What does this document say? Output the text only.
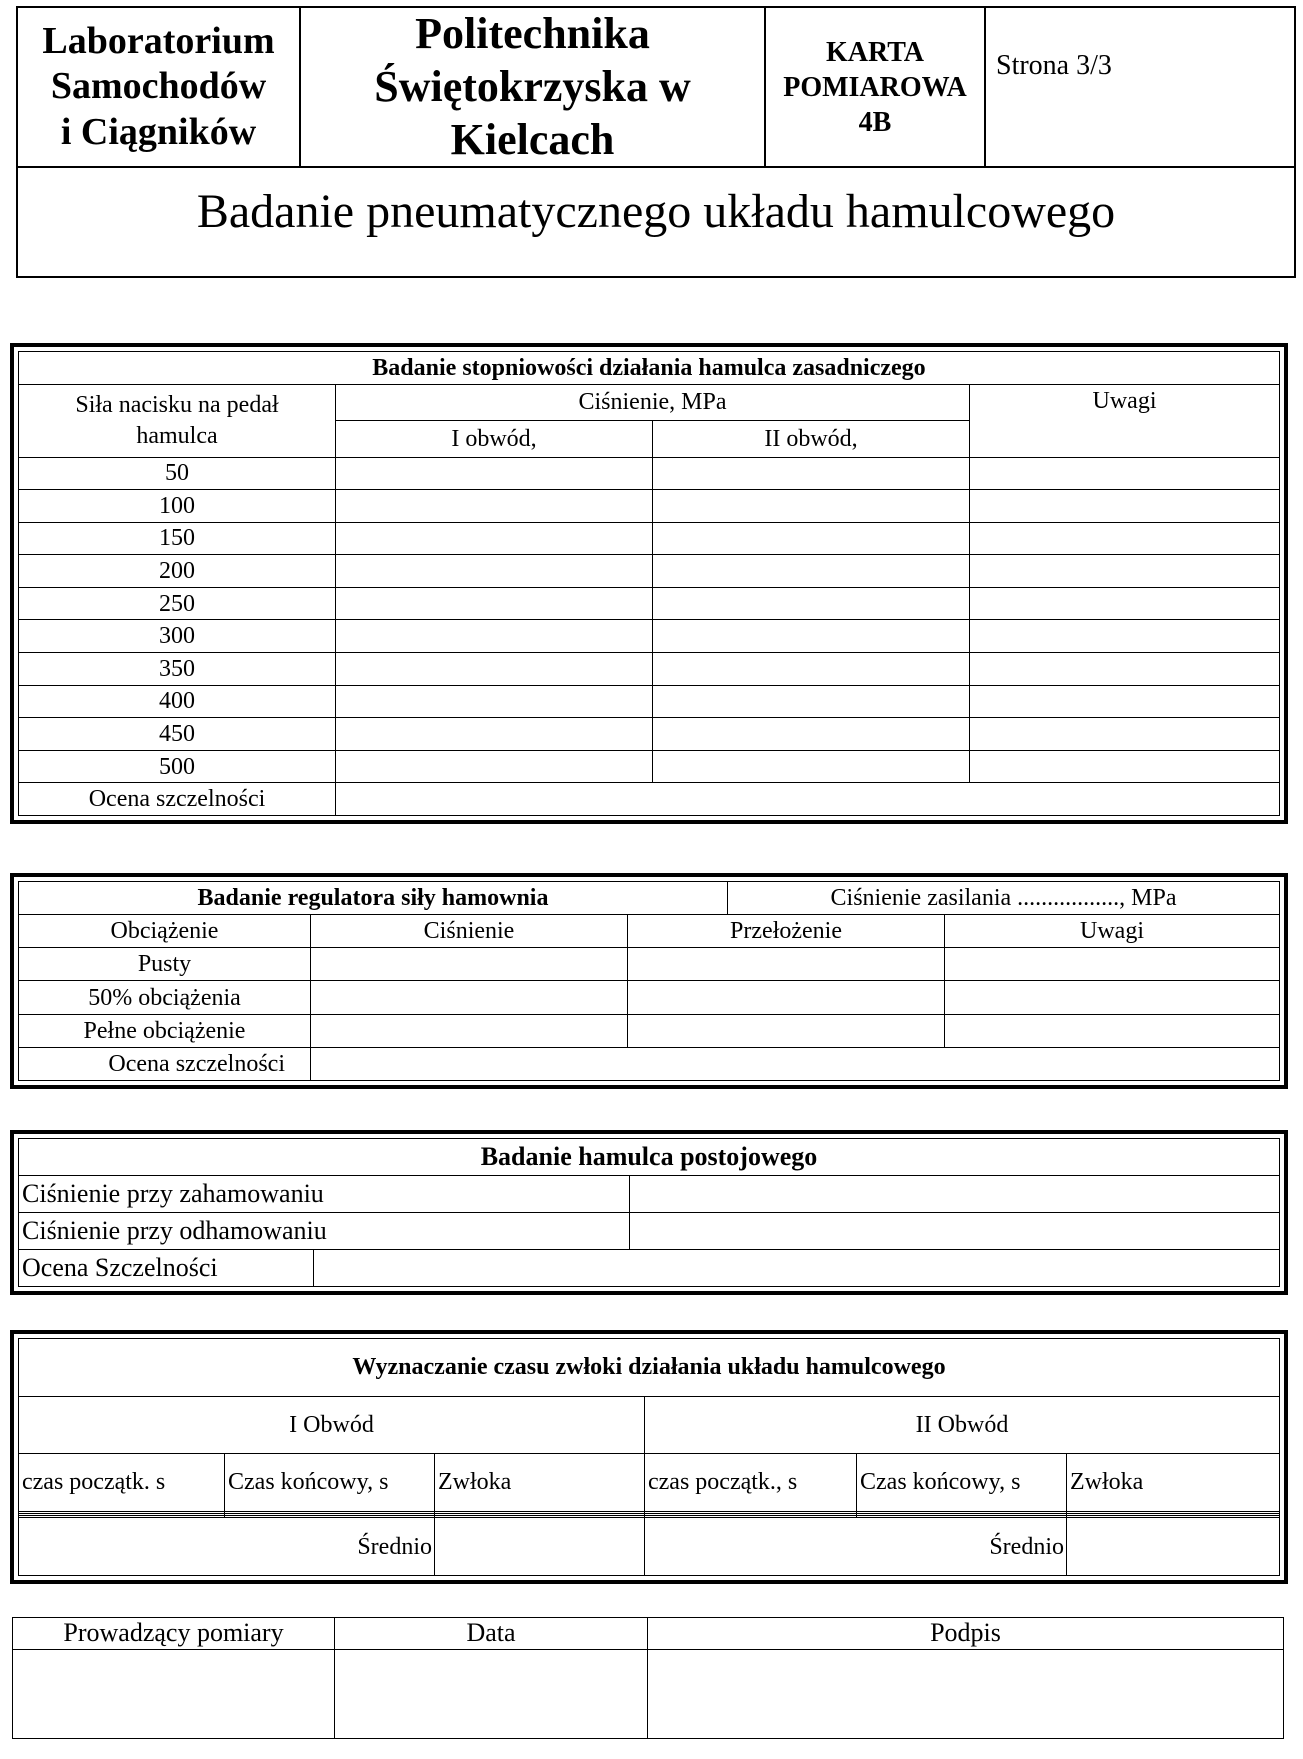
Laboratorium
Samochodów
i Ciągników

Politechnika
Świętokrzyska w
Kielcach

KARTA
POMIAROWA
4B
	Strona 3/3
Badanie pneumatycznego układu hamulcowego
Badanie stopniowości działania hamulca zasadniczego			

Siła nacisku na pedał
hamulca	Ciśnienie, MPa		Uwagi
	I obwód,	II obwód,	
50			
100			
150			
200			
250			
300			
350			
400			
450			
500			
Ocena szczelności			
Badanie regulatora siły hamownia			Ciśnienie zasilania ................., MPa	
Obciążenie	Ciśnienie	Przełożenie		Uwagi
Pusty				
50% obciążenia				
Pełne obciążenie				
Ocena szczelności				
Badanie hamulca postojowego		
Ciśnienie przy zahamowaniu		
Ciśnienie przy odhamowaniu		
Ocena Szczelności		
Wyznaczanie czasu zwłoki działania układu hamulcowego					
I Obwód			II Obwód		
czas początk. s	Czas końcowy, s	Zwłoka	czas początk., s	Czas końcowy, s	Zwłoka

Średnio			Średnio		
Prowadzący pomiary	Data	Podpis
